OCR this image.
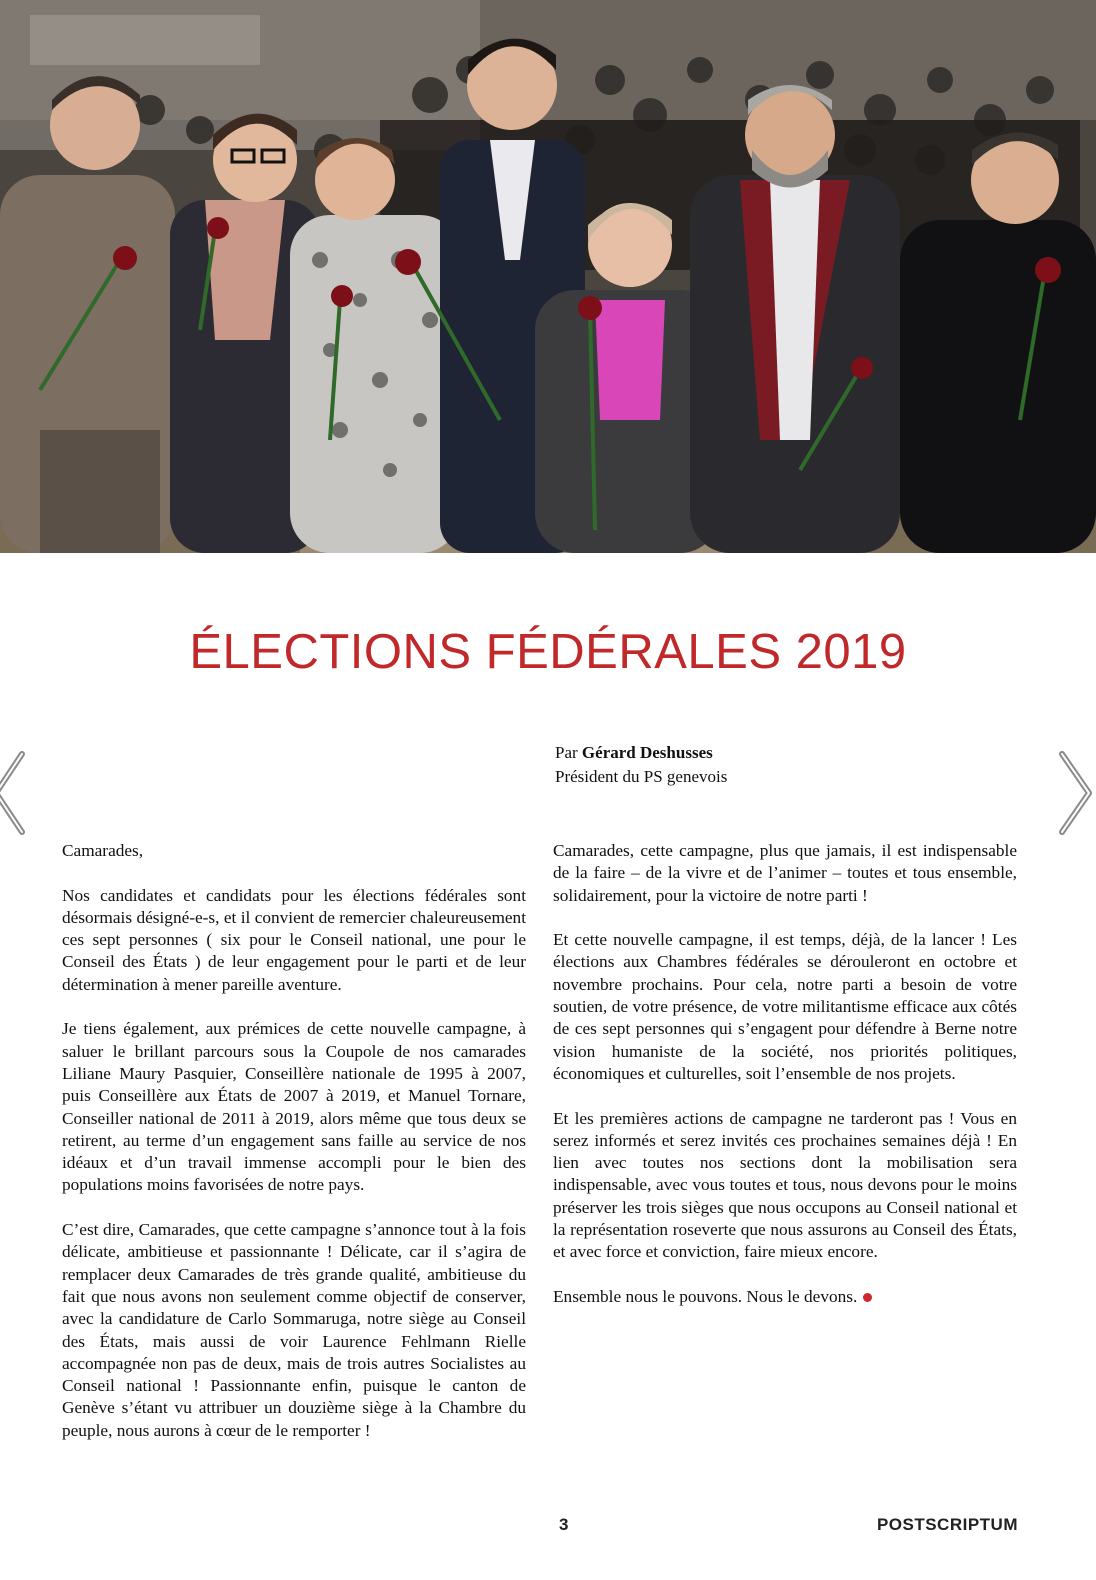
ÉLECTIONS FÉDÉRALES 2019
Par Gérard Deshusses
Président du PS genevois

Camarades,

Nos candidates et candidats pour les élections fédérales sont désormais désigné-e-s, et il convient de remercier chaleureusement ces sept personnes ( six pour le Conseil national, une pour le Conseil des États ) de leur engagement pour le parti et de leur détermination à mener pareille aventure.

Je tiens également, aux prémices de cette nouvelle campagne, à saluer le brillant parcours sous la Coupole de nos camarades Liliane Maury Pasquier, Conseillère nationale de 1995 à 2007, puis Conseillère aux États de 2007 à 2019, et Manuel Tornare, Conseiller national de 2011 à 2019, alors même que tous deux se retirent, au terme d’un engagement sans faille au service de nos idéaux et d’un travail immense accompli pour le bien des populations moins favorisées de notre pays.

C’est dire, Camarades, que cette campagne s’annonce tout à la fois délicate, ambitieuse et passionnante ! Délicate, car il s’agira de remplacer deux Camarades de très grande qualité, ambitieuse du fait que nous avons non seulement comme objectif de conserver, avec la candidature de Carlo Sommaruga, notre siège au Conseil des États, mais aussi de voir Laurence Fehlmann Rielle accompagnée non pas de deux, mais de trois autres Socialistes au Conseil national ! Passionnante enfin, puisque le canton de Genève s’étant vu attribuer un douzième siège à la Chambre du peuple, nous aurons à cœur de le remporter !

Camarades, cette campagne, plus que jamais, il est indispensable de la faire – de la vivre et de l’animer – toutes et tous ensemble, solidairement, pour la victoire de notre parti !

Et cette nouvelle campagne, il est temps, déjà, de la lancer ! Les élections aux Chambres fédérales se dérouleront en octobre et novembre prochains. Pour cela, notre parti a besoin de votre soutien, de votre présence, de votre militantisme efficace aux côtés de ces sept personnes qui s’engagent pour défendre à Berne notre vision humaniste de la société, nos priorités politiques, économiques et culturelles, soit l’ensemble de nos projets.

Et les premières actions de campagne ne tarderont pas ! Vous en serez informés et serez invités ces prochaines semaines déjà ! En lien avec toutes nos sections dont la mobilisation sera indispensable, avec vous toutes et tous, nous devons pour le moins préserver les trois sièges que nous occupons au Conseil national et la représentation roseverte que nous assurons au Conseil des États, et avec force et conviction, faire mieux encore.

Ensemble nous le pouvons. Nous le devons.

3	POSTSCRIPTUM
